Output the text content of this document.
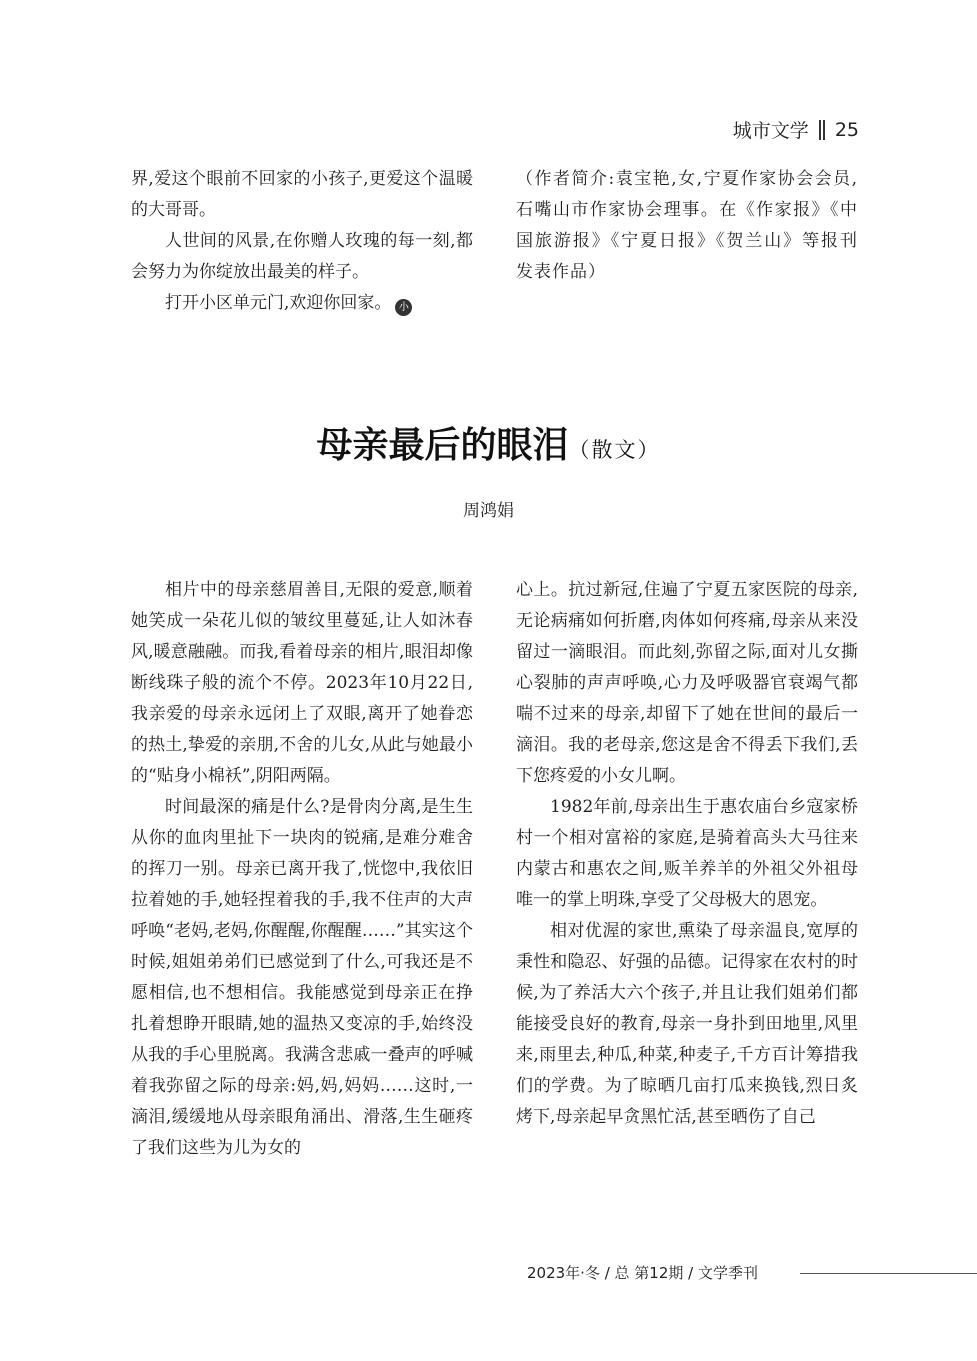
城市文学 25

界,爱这个眼前不回家的小孩子,更爱这个温暖的大哥哥。

人世间的风景,在你赠人玫瑰的每一刻,都会努力为你绽放出最美的样子。

打开小区单元门,欢迎你回家。 小

（作者简介:袁宝艳,女,宁夏作家协会会员,石嘴山市作家协会理事。在《作家报》《中国旅游报》《宁夏日报》《贺兰山》等报刊发表作品）

母亲最后的眼泪（散文）
周鸿娟

相片中的母亲慈眉善目,无限的爱意,顺着她笑成一朵花儿似的皱纹里蔓延,让人如沐春风,暖意融融。而我,看着母亲的相片,眼泪却像断线珠子般的流个不停。2023年10月22日,我亲爱的母亲永远闭上了双眼,离开了她眷恋的热土,挚爱的亲朋,不舍的儿女,从此与她最小的“贴身小棉袄”,阴阳两隔。

时间最深的痛是什么?是骨肉分离,是生生从你的血肉里扯下一块肉的锐痛,是难分难舍的挥刀一别。母亲已离开我了,恍惚中,我依旧拉着她的手,她轻捏着我的手,我不住声的大声呼唤“老妈,老妈,你醒醒,你醒醒……”其实这个时候,姐姐弟弟们已感觉到了什么,可我还是不愿相信,也不想相信。我能感觉到母亲正在挣扎着想睁开眼睛,她的温热又变凉的手,始终没从我的手心里脱离。我满含悲戚一叠声的呼喊着我弥留之际的母亲:妈,妈,妈妈……这时,一滴泪,缓缓地从母亲眼角涌出、滑落,生生砸疼了我们这些为儿为女的

心上。抗过新冠,住遍了宁夏五家医院的母亲,无论病痛如何折磨,肉体如何疼痛,母亲从来没留过一滴眼泪。而此刻,弥留之际,面对儿女撕心裂肺的声声呼唤,心力及呼吸器官衰竭气都喘不过来的母亲,却留下了她在世间的最后一滴泪。我的老母亲,您这是舍不得丢下我们,丢下您疼爱的小女儿啊。

1982年前,母亲出生于惠农庙台乡寇家桥村一个相对富裕的家庭,是骑着高头大马往来内蒙古和惠农之间,贩羊养羊的外祖父外祖母唯一的掌上明珠,享受了父母极大的恩宠。

相对优渥的家世,熏染了母亲温良,宽厚的秉性和隐忍、好强的品德。记得家在农村的时候,为了养活大六个孩子,并且让我们姐弟们都能接受良好的教育,母亲一身扑到田地里,风里来,雨里去,种瓜,种菜,种麦子,千方百计筹措我们的学费。为了晾晒几亩打瓜来换钱,烈日炙烤下,母亲起早贪黑忙活,甚至晒伤了自己

2023年·冬 / 总 第12期 / 文学季刊
